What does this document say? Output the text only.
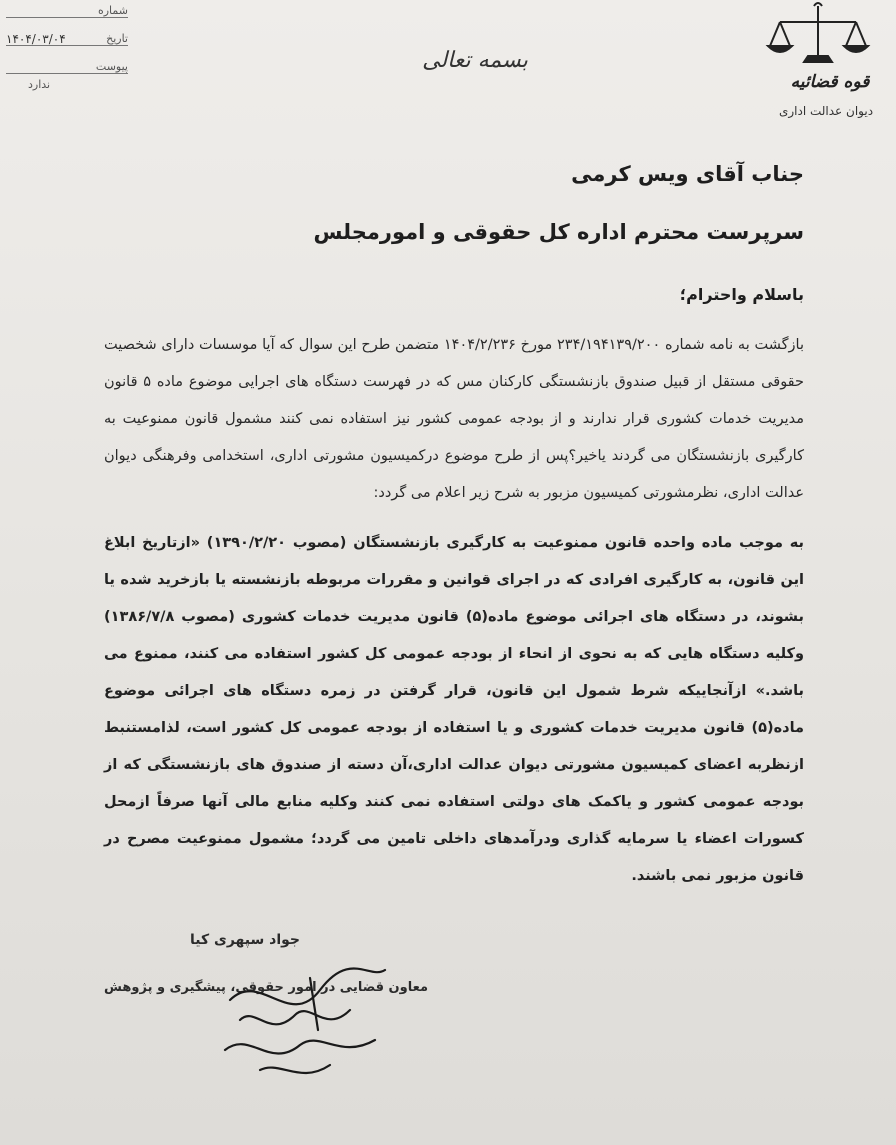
شماره
تاریخ
۱۴۰۴/۰۳/۰۴
پیوست
ندارد
بسمه تعالی
قوه قضائیه
دیوان عدالت اداری
جناب آقای ویس کرمی
سرپرست محترم اداره کل حقوقی و امورمجلس
باسلام واحترام؛
بازگشت به نامه شماره ۲۳۴/۱۹۴۱۳۹/۲۰۰ مورخ ۱۴۰۴/۲/۲۳۶ متضمن طرح این سوال که آیا موسسات دارای شخصیت حقوقی مستقل از قبیل صندوق بازنشستگی کارکنان مس که در فهرست دستگاه های اجرایی موضوع ماده ۵ قانون مدیریت خدمات کشوری قرار ندارند و از بودجه عمومی کشور نیز استفاده نمی کنند مشمول قانون ممنوعیت به کارگیری بازنشستگان می گردند یاخیر؟پس از طرح موضوع درکمیسیون مشورتی اداری، استخدامی وفرهنگی دیوان عدالت اداری، نظرمشورتی کمیسیون مزبور به شرح زیر اعلام می گردد:
به موجب ماده واحده قانون ممنوعیت به کارگیری بازنشستگان (مصوب ۱۳۹۰/۲/۲۰) «ازتاریخ ابلاغ این قانون، به کارگیری افرادی که در اجرای قوانین و مقررات مربوطه بازنشسته یا بازخرید شده یا بشوند، در دستگاه های اجرائی موضوع ماده(۵) قانون مدیریت خدمات کشوری (مصوب ۱۳۸۶/۷/۸) وکلیه دستگاه هایی که به نحوی از انحاء از بودجه عمومی کل کشور استفاده می کنند، ممنوع می باشد.» ازآنجاییکه شرط شمول این قانون، قرار گرفتن در زمره دستگاه های اجرائی موضوع ماده(۵) قانون مدیریت خدمات کشوری و یا استفاده از بودجه عمومی کل کشور است، لذامستنبط ازنظربه اعضای کمیسیون مشورتی دیوان عدالت اداری،آن دسته از صندوق های بازنشستگی که از بودجه عمومی کشور و یاکمک های دولتی استفاده نمی کنند وکلیه منابع مالی آنها صرفاً ازمحل کسورات اعضاء یا سرمایه گذاری ودرآمدهای داخلی تامین می گردد؛ مشمول ممنوعیت مصرح در قانون مزبور نمی باشند.
جواد سپهری کیا
معاون قضایی در امور حقوقی، پیشگیری و پژوهش
